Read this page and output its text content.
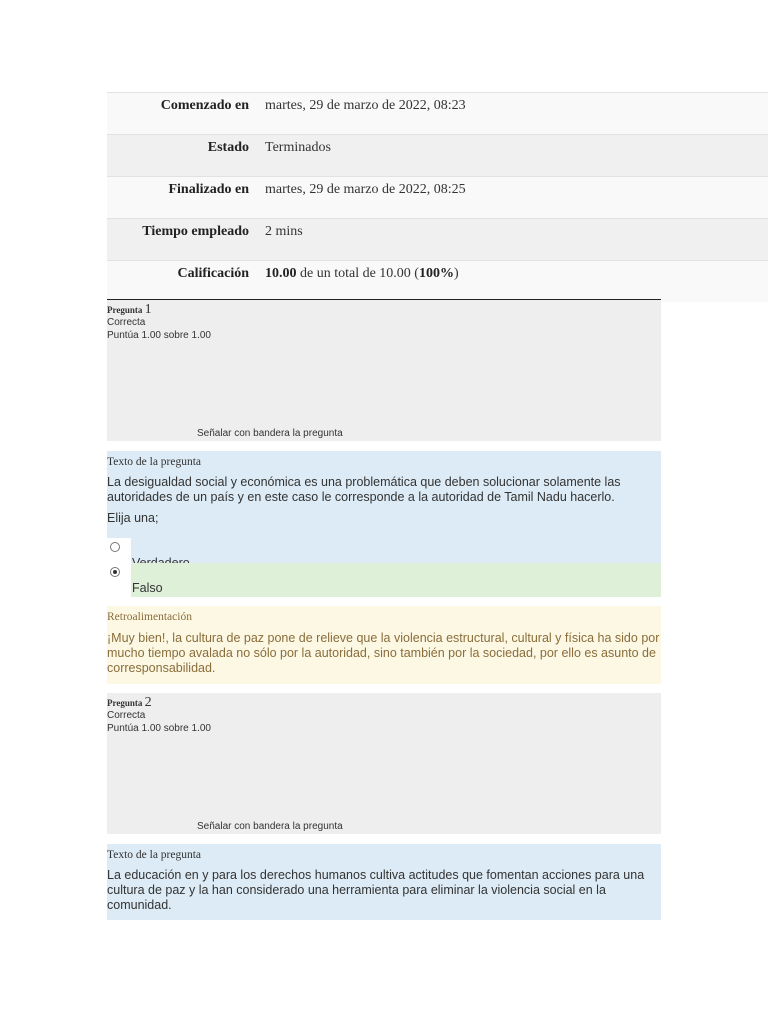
Comenzado en	martes, 29 de marzo de 2022, 08:23
Estado	Terminados
Finalizado en	martes, 29 de marzo de 2022, 08:25
Tiempo empleado	2 mins
Calificación	10.00 de un total de 10.00 (100%)
Pregunta 1
Correcta
Puntúa 1.00 sobre 1.00
Señalar con bandera la pregunta
Texto de la pregunta
La desigualdad social y económica es una problemática que deben solucionar solamente las autoridades de un país y en este caso le corresponde a la autoridad de Tamil Nadu hacerlo.
Elija una;
Falso
Retroalimentación
¡Muy bien!, la cultura de paz pone de relieve que la violencia estructural, cultural y física ha sido por mucho tiempo avalada no sólo por la autoridad, sino también por la sociedad, por ello es asunto de corresponsabilidad.
Pregunta 2
Correcta
Puntúa 1.00 sobre 1.00
Señalar con bandera la pregunta
Texto de la pregunta
La educación en y para los derechos humanos cultiva actitudes que fomentan acciones para una cultura de paz y la han considerado una herramienta para eliminar la violencia social en la comunidad.
